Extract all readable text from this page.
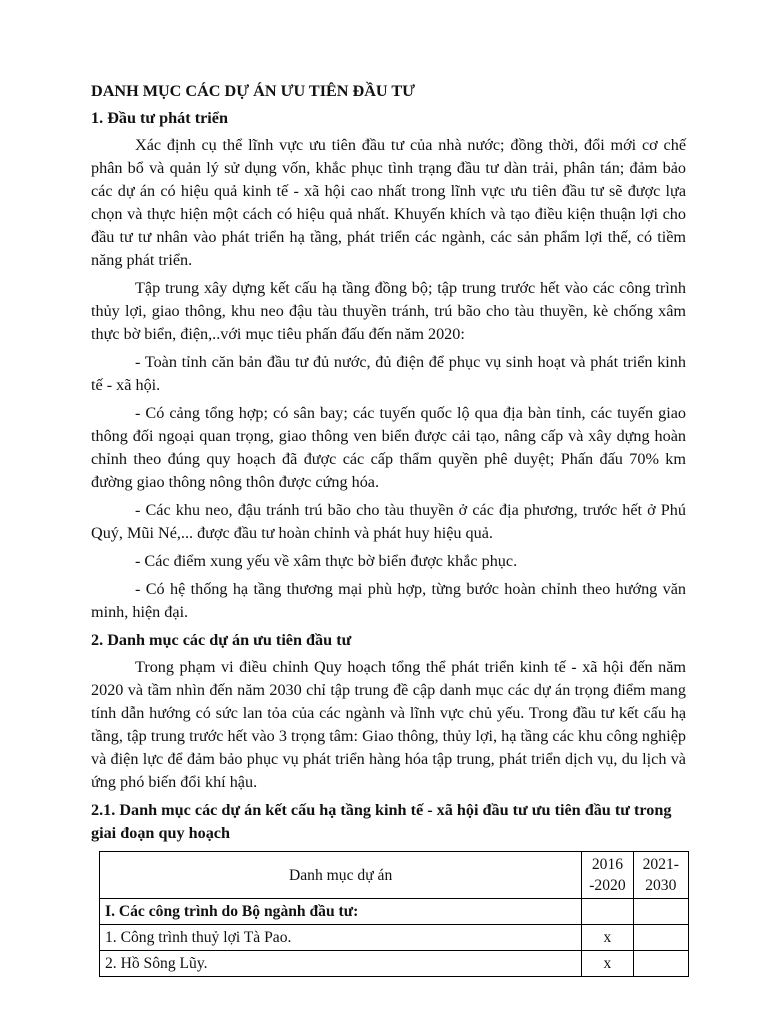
DANH MỤC CÁC DỰ ÁN ƯU TIÊN ĐẦU TƯ
1. Đầu tư phát triển

Xác định cụ thể lĩnh vực ưu tiên đầu tư của nhà nước; đồng thời, đổi mới cơ chế phân bổ và quản lý sử dụng vốn, khắc phục tình trạng đầu tư dàn trải, phân tán; đảm bảo các dự án có hiệu quả kinh tế - xã hội cao nhất trong lĩnh vực ưu tiên đầu tư sẽ được lựa chọn và thực hiện một cách có hiệu quả nhất. Khuyến khích và tạo điều kiện thuận lợi cho đầu tư tư nhân vào phát triển hạ tầng, phát triển các ngành, các sản phẩm lợi thế, có tiềm năng phát triển.

Tập trung xây dựng kết cấu hạ tầng đồng bộ; tập trung trước hết vào các công trình thủy lợi, giao thông, khu neo đậu tàu thuyền tránh, trú bão cho tàu thuyền, kè chống xâm thực bờ biển, điện,..với mục tiêu phấn đấu đến năm 2020:

- Toàn tỉnh căn bản đầu tư đủ nước, đủ điện để phục vụ sinh hoạt và phát triển kinh tế - xã hội.

- Có cảng tổng hợp; có sân bay; các tuyến quốc lộ qua địa bàn tỉnh, các tuyến giao thông đối ngoại quan trọng, giao thông ven biển được cải tạo, nâng cấp và xây dựng hoàn chỉnh theo đúng quy hoạch đã được các cấp thẩm quyền phê duyệt; Phấn đấu 70% km đường giao thông nông thôn được cứng hóa.

- Các khu neo, đậu tránh trú bão cho tàu thuyền ở các địa phương, trước hết ở Phú Quý, Mũi Né,... được đầu tư hoàn chỉnh và phát huy hiệu quả.

- Các điểm xung yếu về xâm thực bờ biển được khắc phục.

- Có hệ thống hạ tầng thương mại phù hợp, từng bước hoàn chỉnh theo hướng văn minh, hiện đại.

2. Danh mục các dự án ưu tiên đầu tư

Trong phạm vi điều chỉnh Quy hoạch tổng thể phát triển kinh tế - xã hội đến năm 2020 và tầm nhìn đến năm 2030 chỉ tập trung đề cập danh mục các dự án trọng điểm mang tính dẫn hướng có sức lan tỏa của các ngành và lĩnh vực chủ yếu. Trong đầu tư kết cấu hạ tầng, tập trung trước hết vào 3 trọng tâm: Giao thông, thủy lợi, hạ tầng các khu công nghiệp và điện lực để đảm bảo phục vụ phát triển hàng hóa tập trung, phát triển dịch vụ, du lịch và ứng phó biến đổi khí hậu.

2.1. Danh mục các dự án kết cấu hạ tầng kinh tế - xã hội đầu tư ưu tiên đầu tư trong giai đoạn quy hoạch
Danh mục dự án	2016 -2020	2021- 2030
I. Các công trình do Bộ ngành đầu tư:		
1. Công trình thuỷ lợi Tà Pao.	x	
2. Hồ Sông Lũy.	x	
